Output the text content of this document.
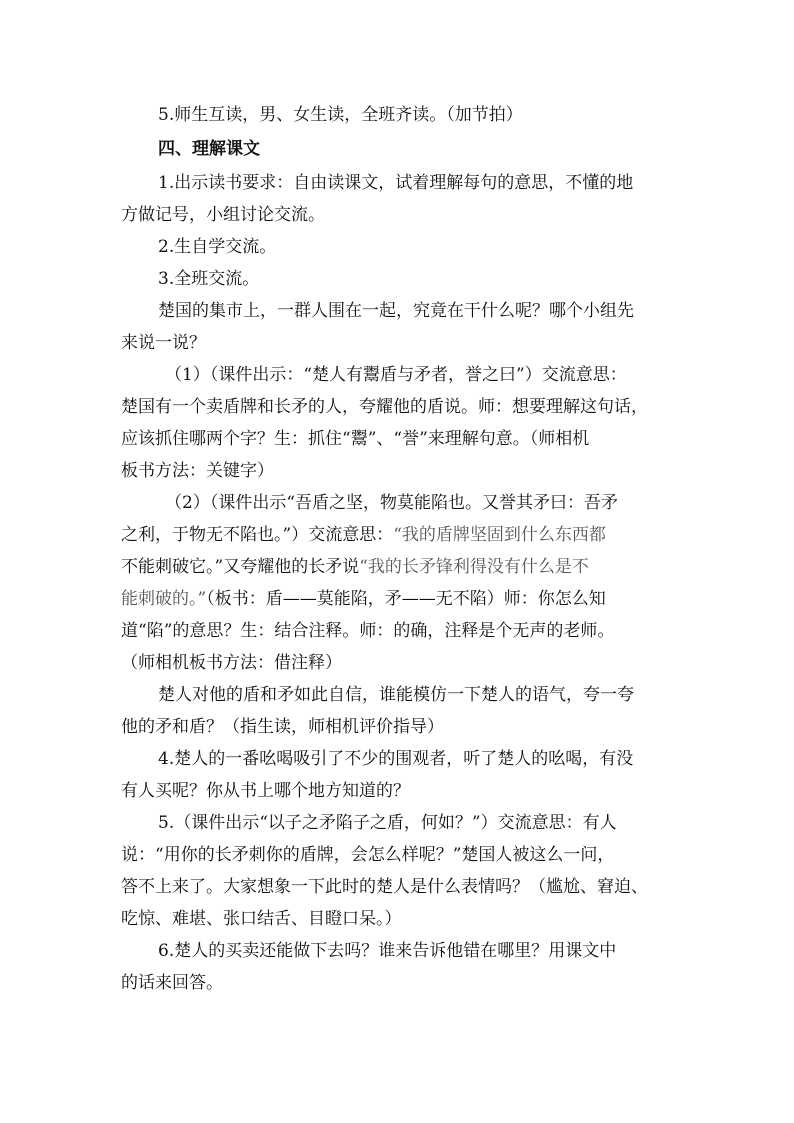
5.师生互读，男、女生读，全班齐读。（加节拍）
四、理解课文
1.出示读书要求：自由读课文，试着理解每句的意思，不懂的地
方做记号，小组讨论交流。
2.生自学交流。
3.全班交流。
楚国的集市上，一群人围在一起，究竟在干什么呢？哪个小组先
来说一说？
（1）（课件出示：“楚人有鬻盾与矛者，誉之曰”）交流意思：
楚国有一个卖盾牌和长矛的人，夸耀他的盾说。师：想要理解这句话，
应该抓住哪两个字？生：抓住“鬻”、“誉”来理解句意。（师相机
板书方法：关键字）
（2）（课件出示“吾盾之坚，物莫能陷也。又誉其矛曰：吾矛
之利，于物无不陷也。”）交流意思：“我的盾牌坚固到什么东西都
不能刺破它。”又夸耀他的长矛说“我的长矛锋利得没有什么是不
能刺破的。”（板书：盾——莫能陷，矛——无不陷）师：你怎么知
道“陷”的意思？生：结合注释。师：的确，注释是个无声的老师。
（师相机板书方法：借注释）
楚人对他的盾和矛如此自信，谁能模仿一下楚人的语气，夸一夸
他的矛和盾？（指生读，师相机评价指导）
4.楚人的一番吆喝吸引了不少的围观者，听了楚人的吆喝，有没
有人买呢？你从书上哪个地方知道的？
5.（课件出示“以子之矛陷子之盾，何如？”）交流意思：有人
说：“用你的长矛刺你的盾牌，会怎么样呢？”楚国人被这么一问，
答不上来了。大家想象一下此时的楚人是什么表情吗？（尴尬、窘迫、
吃惊、难堪、张口结舌、目瞪口呆。）
6.楚人的买卖还能做下去吗？谁来告诉他错在哪里？用课文中
的话来回答。
